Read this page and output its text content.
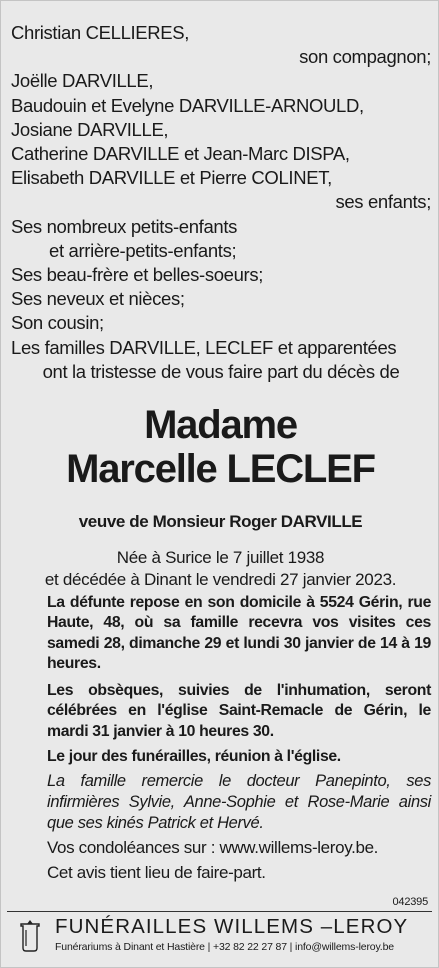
Christian CELLIERES,
son compagnon;
Joëlle DARVILLE,
Baudouin et Evelyne DARVILLE-ARNOULD,
Josiane DARVILLE,
Catherine DARVILLE et Jean-Marc DISPA,
Elisabeth DARVILLE et Pierre COLINET,
ses enfants;
Ses nombreux petits-enfants
et arrière-petits-enfants;
Ses beau-frère et belles-soeurs;
Ses neveux et nièces;
Son cousin;
Les familles DARVILLE, LECLEF et apparentées
ont la tristesse de vous faire part du décès de
Madame
Marcelle LECLEF
veuve de Monsieur Roger DARVILLE
Née à Surice le 7 juillet 1938
et décédée à Dinant le vendredi 27 janvier 2023.
La défunte repose en son domicile à 5524 Gérin, rue Haute, 48, où sa famille recevra vos visites ces samedi 28, dimanche 29 et lundi 30 janvier de 14 à 19 heures.
Les obsèques, suivies de l'inhumation, seront célébrées en l'église Saint-Remacle de Gérin, le mardi 31 janvier à 10 heures 30.
Le jour des funérailles, réunion à l'église.
La famille remercie le docteur Panepinto, ses infirmières Sylvie, Anne-Sophie et Rose-Marie ainsi que ses kinés Patrick et Hervé.
Vos condoléances sur : www.willems-leroy.be.
Cet avis tient lieu de faire-part.
042395
FUNÉRAILLES WILLEMS –LEROY
Funérariums à Dinant et Hastière | +32 82 22 27 87 | info@willems-leroy.be
